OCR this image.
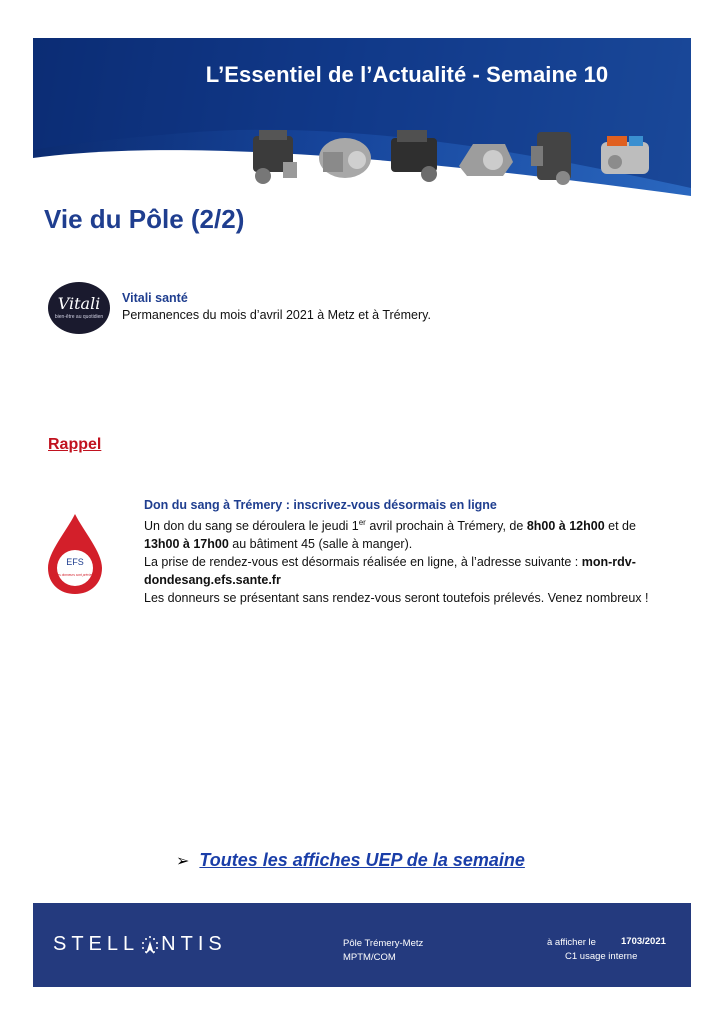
L’Essentiel de l’Actualité - Semaine 10
Vie du Pôle (2/2)
Vitali
bien-être au quotidien
Vitali santé
Permanences du mois d’avril 2021 à Metz et à Trémery.
Rappel
EFS
Ces donneurs sont précieux

Don du sang à Trémery : inscrivez-vous désormais en ligne

Un don du sang se déroulera le jeudi 1er avril prochain à Trémery, de 8h00 à 12h00 et de 13h00 à 17h00 au bâtiment 45 (salle à manger).

La prise de rendez-vous est désormais réalisée en ligne, à l’adresse suivante : mon-rdv-dondesang.efs.sante.fr

Les donneurs se présentant sans rendez-vous seront toutefois prélevés. Venez nombreux !

➢ Toutes les affiches UEP de la semaine
STELL NTIS	Pôle Trémery-Metz
MPTM/COM
à afficher le	1703/2021
C1 usage interne
